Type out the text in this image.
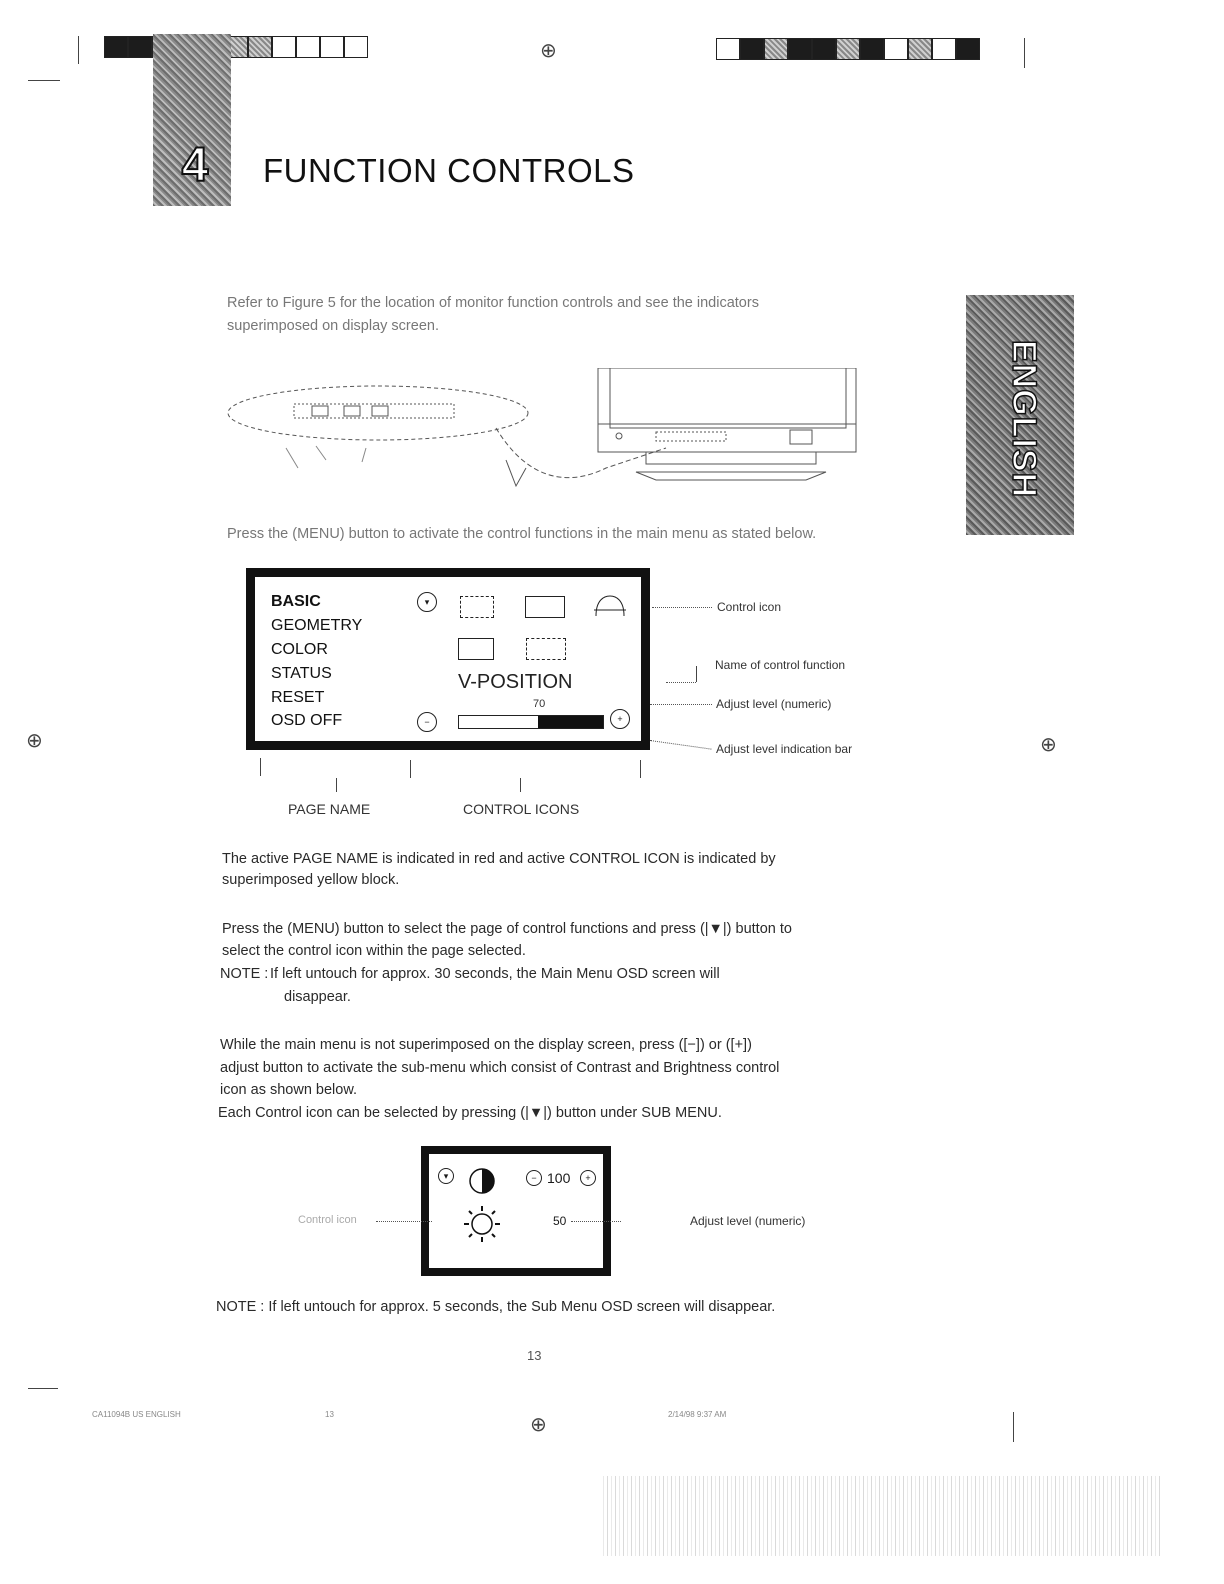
⊕
4	FUNCTION CONTROLS
ENGLISH
Refer to Figure 5 for the location of monitor function controls and see the indicators
superimposed on display screen.
Press the (MENU) button to activate the control functions in the main menu as stated below.
BASIC
GEOMETRY
COLOR
STATUS
RESET
OSD OFF
▾
−
V-POSITION
70
+
Control icon
Name of control function
Adjust level (numeric)
Adjust level indication bar
PAGE NAME	CONTROL ICONS
The active PAGE NAME is indicated in red and active CONTROL ICON is indicated by
superimposed yellow block.
Press the (MENU) button to select the page of control functions and press (|▼|) button to
select the control icon within the page selected.
NOTE : If left untouch for approx. 30 seconds, the Main Menu OSD screen will
disappear.
While the main menu is not superimposed on the display screen, press ([−]) or ([+])
adjust button to activate the sub-menu which consist of Contrast and Brightness control
icon as shown below.
Each Control icon can be selected by pressing (|▼|) button under SUB MENU.
▾	− 100	+
50
Control icon	Adjust level (numeric)
NOTE : If left untouch for approx. 5 seconds, the Sub Menu OSD screen will disappear.
13
CA11094B US ENGLISH	13	⊕	2/14/98 9:37 AM
⊕	⊕
